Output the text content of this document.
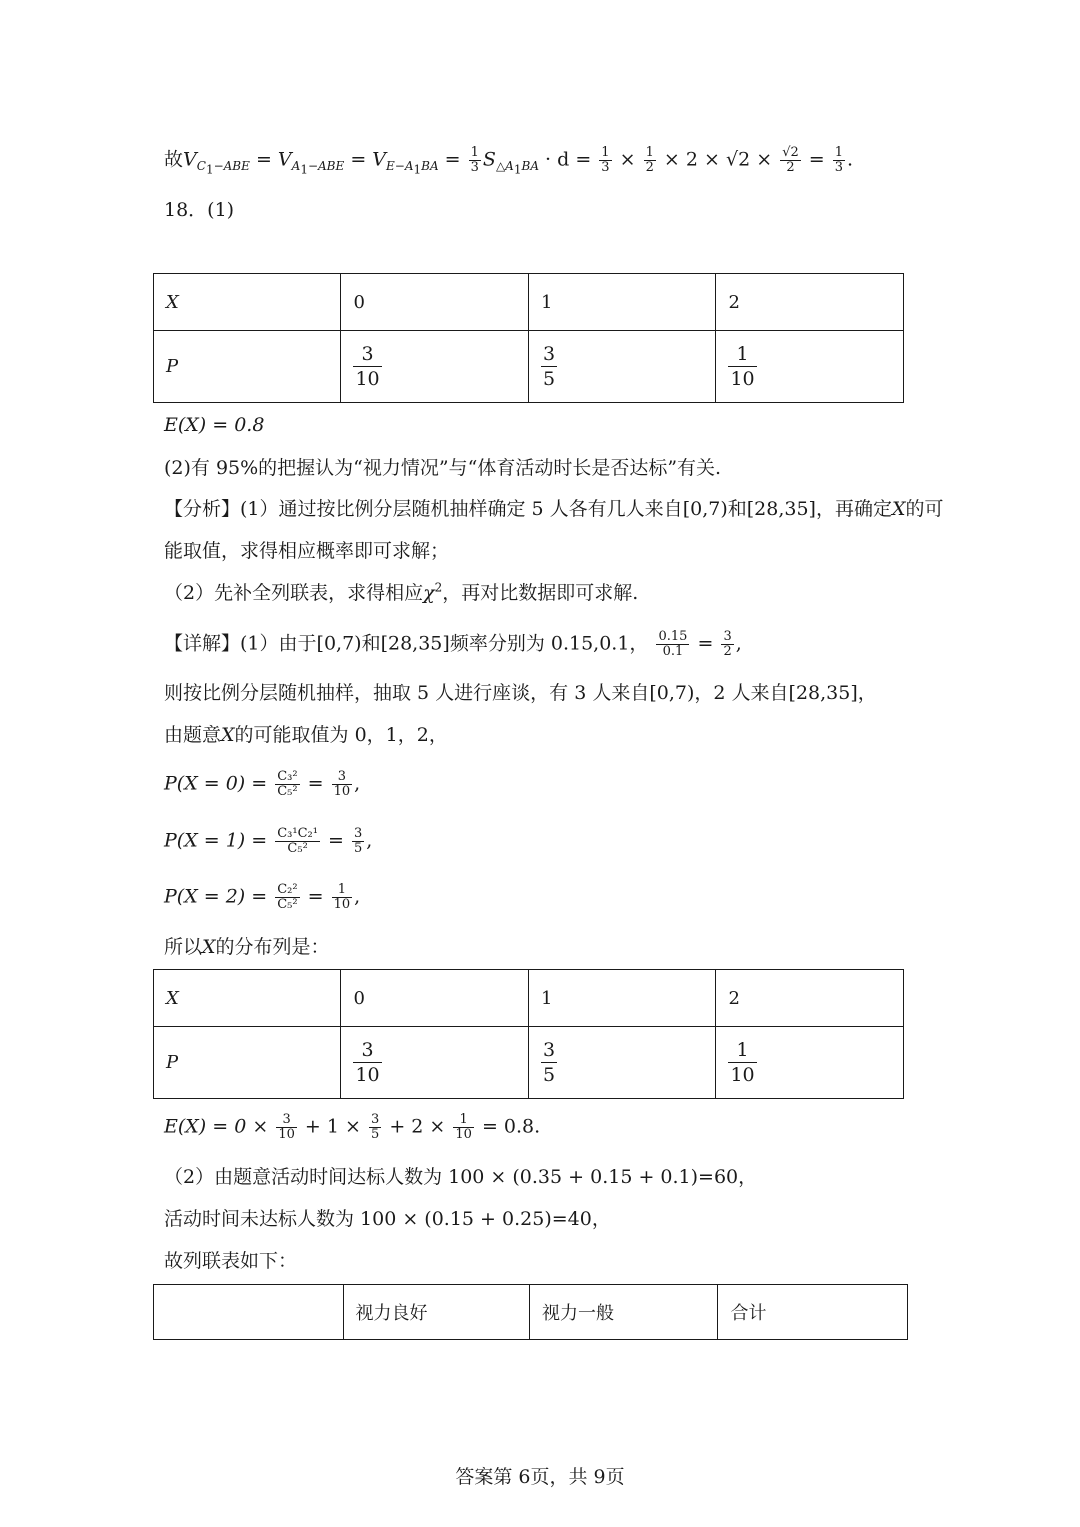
故$V_{C_1-ABE} = V_{A_1-ABE} = V_{E-A_1BA} = \frac{1}{3} S_{\triangle A_1BA} \cdot d = \frac{1}{3} \times \frac{1}{2} \times 2 \times √2 \times \frac{√2}{2} = \frac{1}{3}$ .
18．(1)
X	0	1	2
P	$\frac{3}{10}$	$\frac{3}{5}$	$\frac{1}{10}$
E(X) = 0.8
(2)有 95%的把握认为“视力情况”与“体育活动时长是否达标”有关.
【分析】(1）通过按比例分层随机抽样确定 5 人各有几人来自[0,7)和[28,35]，再确定X的可
能取值，求得相应概率即可求解；
（2）先补全列联表，求得相应$\chi^2$，再对比数据即可求解.
【详解】(1）由于[0,7)和[28,35]频率分别为 0.15,0.1， $\frac{0.15}{0.1} = \frac{3}{2}$ ,
则按比例分层随机抽样，抽取 5 人进行座谈，有 3 人来自[0,7)，2 人来自[28,35]，
由题意X的可能取值为 0，1，2，
$P(X = 0) = \frac{\text{C₃²}}{\text{C₅²}} = \frac{3}{10}$ ,
$P(X = 1) = \frac{\text{C₃¹C₂¹}}{\text{C₅²}} = \frac{3}{5}$ ,
$P(X = 2) = \frac{\text{C₂²}}{\text{C₅²}} = \frac{1}{10}$ ,
所以X的分布列是：
X	0	1	2
P	$\frac{3}{10}$	$\frac{3}{5}$	$\frac{1}{10}$
$E(X) = 0 \times \frac{3}{10} + 1 \times \frac{3}{5} + 2 \times \frac{1}{10} = 0.8$.
（2）由题意活动时间达标人数为 100 × (0.35 + 0.15 + 0.1)=60，
活动时间未达标人数为 100 × (0.15 + 0.25)=40，
故列联表如下：
	视力良好	视力一般	合计
答案第 6页，共 9页
